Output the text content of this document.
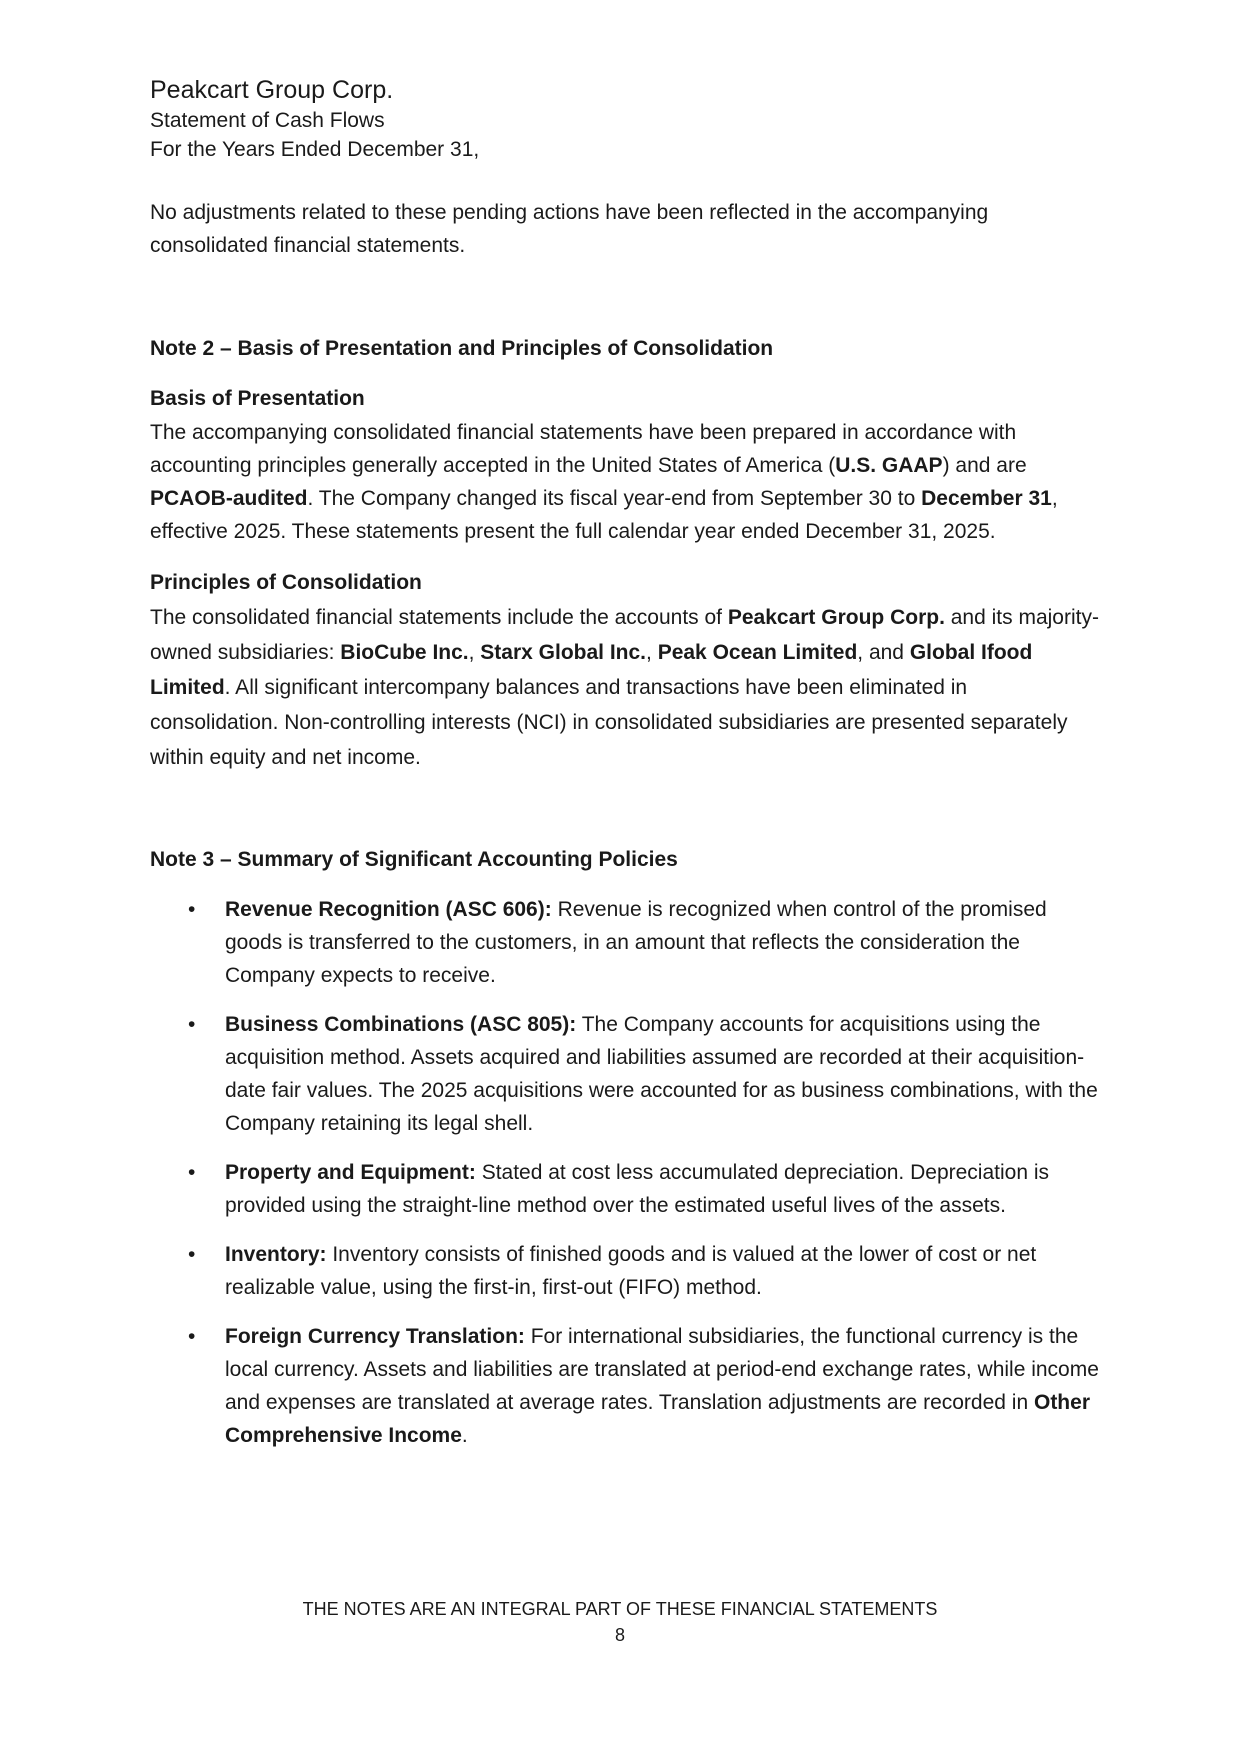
Peakcart Group Corp.

Statement of Cash Flows

For the Years Ended December 31,

No adjustments related to these pending actions have been reflected in the accompanying consolidated financial statements.

Note 2 – Basis of Presentation and Principles of Consolidation

Basis of Presentation

The accompanying consolidated financial statements have been prepared in accordance with accounting principles generally accepted in the United States of America (U.S. GAAP) and are PCAOB-audited. The Company changed its fiscal year-end from September 30 to December 31, effective 2025. These statements present the full calendar year ended December 31, 2025.

Principles of Consolidation

The consolidated financial statements include the accounts of Peakcart Group Corp. and its majority-owned subsidiaries: BioCube Inc., Starx Global Inc., Peak Ocean Limited, and Global Ifood Limited. All significant intercompany balances and transactions have been eliminated in consolidation. Non-controlling interests (NCI) in consolidated subsidiaries are presented separately within equity and net income.

Note 3 – Summary of Significant Accounting Policies

• Revenue Recognition (ASC 606): Revenue is recognized when control of the promised goods is transferred to the customers, in an amount that reflects the consideration the Company expects to receive.
• Business Combinations (ASC 805): The Company accounts for acquisitions using the acquisition method. Assets acquired and liabilities assumed are recorded at their acquisition-date fair values. The 2025 acquisitions were accounted for as business combinations, with the Company retaining its legal shell.
• Property and Equipment: Stated at cost less accumulated depreciation. Depreciation is provided using the straight-line method over the estimated useful lives of the assets.
• Inventory: Inventory consists of finished goods and is valued at the lower of cost or net realizable value, using the first-in, first-out (FIFO) method.
• Foreign Currency Translation: For international subsidiaries, the functional currency is the local currency. Assets and liabilities are translated at period-end exchange rates, while income and expenses are translated at average rates. Translation adjustments are recorded in Other Comprehensive Income.
THE NOTES ARE AN INTEGRAL PART OF THESE FINANCIAL STATEMENTS
8
